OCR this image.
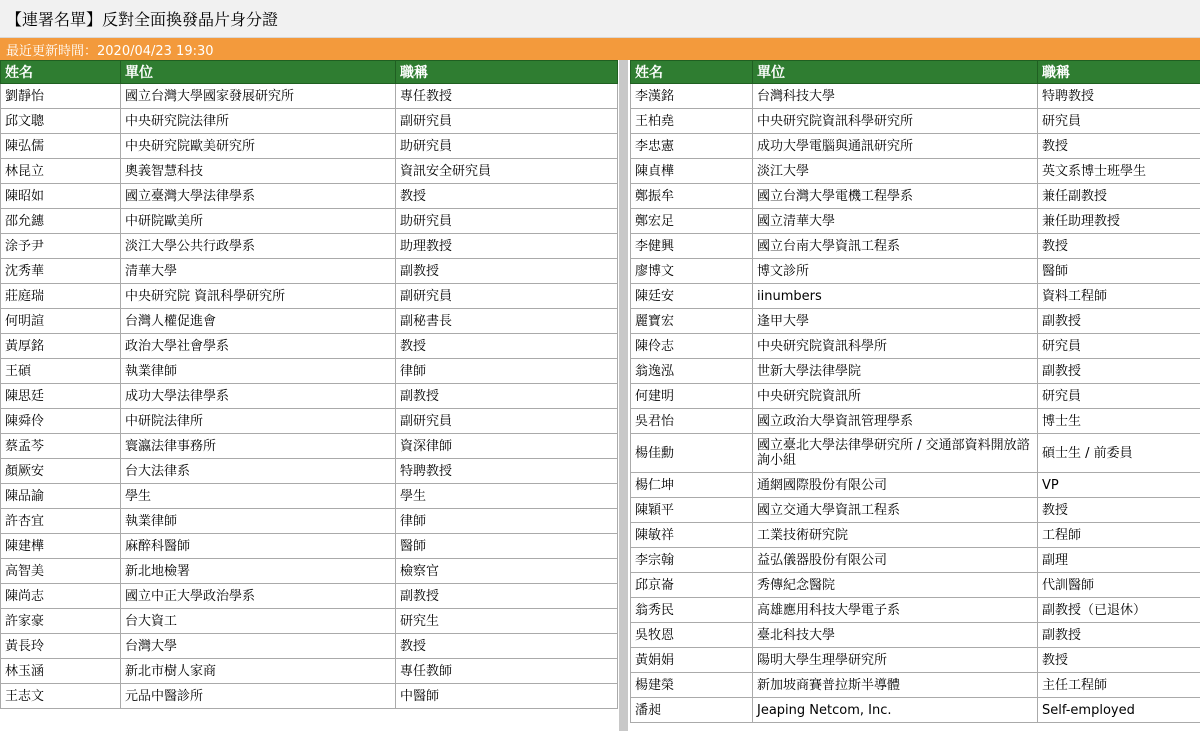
【連署名單】反對全面換發晶片身分證
最近更新時間：2020/04/23 19:30
姓名	單位	職稱
劉靜怡	國立台灣大學國家發展研究所	專任教授
邱文聰	中央研究院法律所	副研究員
陳弘儒	中央研究院歐美研究所	助研究員
林昆立	奧義智慧科技	資訊安全研究員
陳昭如	國立臺灣大學法律學系	教授
邵允鏸	中研院歐美所	助研究員
涂予尹	淡江大學公共行政學系	助理教授
沈秀華	清華大學	副教授
莊庭瑞	中央研究院 資訊科學研究所	副研究員
何明諠	台灣人權促進會	副秘書長
黃厚銘	政治大學社會學系	教授
王碩	執業律師	律師
陳思廷	成功大學法律學系	副教授
陳舜伶	中研院法律所	副研究員
蔡孟芩	寰瀛法律事務所	資深律師
顏厥安	台大法律系	特聘教授
陳品諭	學生	學生
許杏宜	執業律師	律師
陳建樺	麻醉科醫師	醫師
高智美	新北地檢署	檢察官
陳尚志	國立中正大學政治學系	副教授
許家豪	台大資工	研究生
黃長玲	台灣大學	教授
林玉涵	新北市樹人家商	專任教師
王志文	元品中醫診所	中醫師
姓名	單位	職稱
李漢銘	台灣科技大學	特聘教授
王柏堯	中央研究院資訊科學研究所	研究員
李忠憲	成功大學電腦與通訊研究所	教授
陳貞樺	淡江大學	英文系博士班學生
鄭振牟	國立台灣大學電機工程學系	兼任副教授
鄭宏足	國立清華大學	兼任助理教授
李健興	國立台南大學資訊工程系	教授
廖博文	博文診所	醫師
陳廷安	iinumbers	資料工程師
麗寶宏	逢甲大學	副教授
陳伶志	中央研究院資訊科學所	研究員
翁逸泓	世新大學法律學院	副教授
何建明	中央研究院資訊所	研究員
吳君怡	國立政治大學資訊管理學系	博士生
楊佳勳	國立臺北大學法律學研究所 / 交通部資料開放諮詢小組	碩士生 / 前委員
楊仁坤	通網國際股份有限公司	VP
陳穎平	國立交通大學資訊工程系	教授
陳敏祥	工業技術研究院	工程師
李宗翰	益弘儀器股份有限公司	副理
邱京崙	秀傳紀念醫院	代訓醫師
翁秀民	高雄應用科技大學電子系	副教授（已退休）
吳牧恩	臺北科技大學	副教授
黃娟娟	陽明大學生理學研究所	教授
楊建榮	新加坡商賽普拉斯半導體	主任工程師
潘昶	Jeaping Netcom, Inc.	Self-employed
